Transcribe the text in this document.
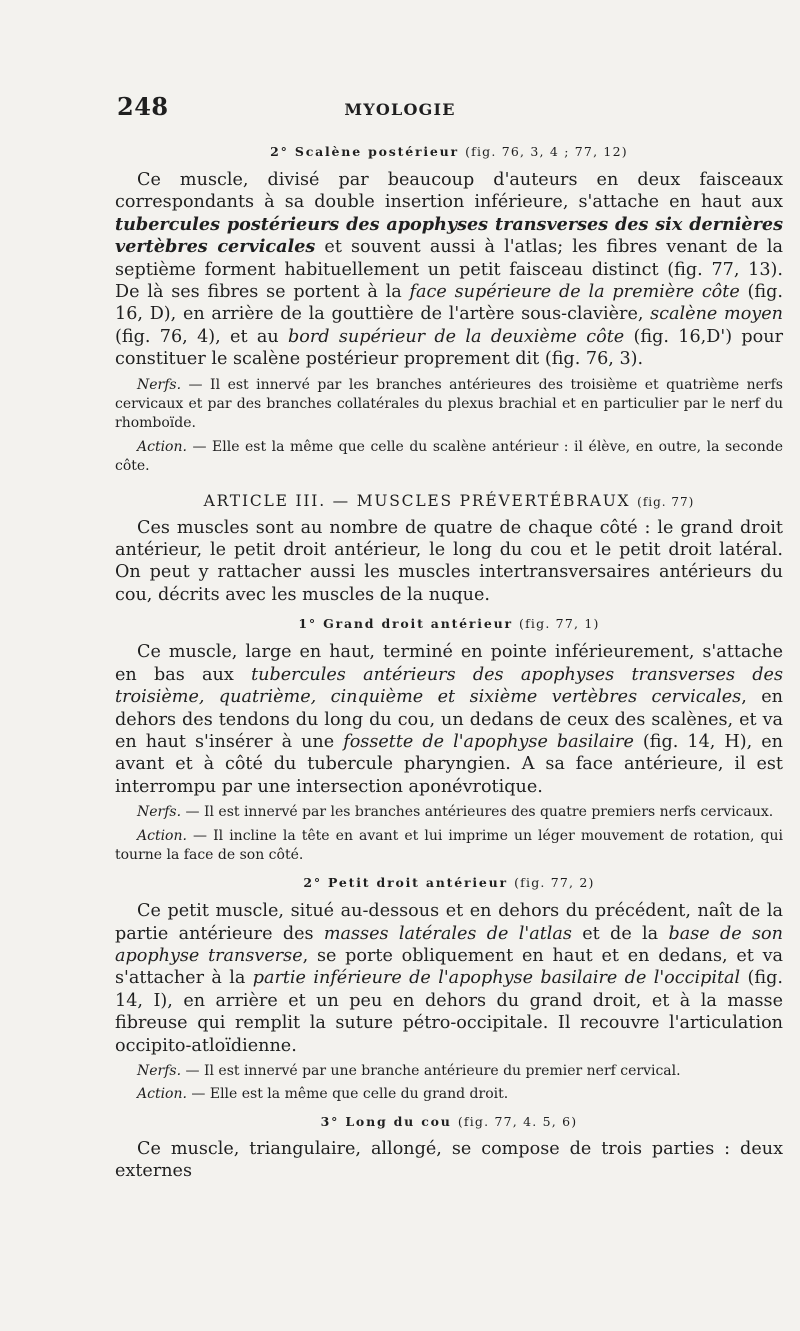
248	MYOLOGIE
2° Scalène postérieur (fig. 76, 3, 4 ; 77, 12)

Ce muscle, divisé par beaucoup d'auteurs en deux faisceaux correspondants à sa double insertion inférieure, s'attache en haut aux tubercules postérieurs des apophyses transverses des six dernières vertèbres cervicales et souvent aussi à l'atlas; les fibres venant de la septième forment habituellement un petit faisceau distinct (fig. 77, 13). De là ses fibres se portent à la face supérieure de la première côte (fig. 16, D), en arrière de la gouttière de l'artère sous-clavière, scalène moyen (fig. 76, 4), et au bord supérieur de la deuxième côte (fig. 16,D') pour constituer le scalène postérieur proprement dit (fig. 76, 3).

Nerfs. — Il est innervé par les branches antérieures des troisième et quatrième nerfs cervicaux et par des branches collatérales du plexus brachial et en particulier par le nerf du rhomboïde.

Action. — Elle est la même que celle du scalène antérieur : il élève, en outre, la seconde côte.

ARTICLE III. — MUSCLES PRÉVERTÉBRAUX (fig. 77)

Ces muscles sont au nombre de quatre de chaque côté : le grand droit antérieur, le petit droit antérieur, le long du cou et le petit droit latéral. On peut y rattacher aussi les muscles intertransversaires antérieurs du cou, décrits avec les muscles de la nuque.

1° Grand droit antérieur (fig. 77, 1)

Ce muscle, large en haut, terminé en pointe inférieurement, s'attache en bas aux tubercules antérieurs des apophyses transverses des troisième, quatrième, cinquième et sixième vertèbres cervicales, en dehors des tendons du long du cou, un dedans de ceux des scalènes, et va en haut s'insérer à une fossette de l'apophyse basilaire (fig. 14, H), en avant et à côté du tubercule pharyngien. A sa face antérieure, il est interrompu par une intersection aponévrotique.

Nerfs. — Il est innervé par les branches antérieures des quatre premiers nerfs cervicaux.

Action. — Il incline la tête en avant et lui imprime un léger mouvement de rotation, qui tourne la face de son côté.

2° Petit droit antérieur (fig. 77, 2)

Ce petit muscle, situé au-dessous et en dehors du précédent, naît de la partie antérieure des masses latérales de l'atlas et de la base de son apophyse transverse, se porte obliquement en haut et en dedans, et va s'attacher à la partie inférieure de l'apophyse basilaire de l'occipital (fig. 14, I), en arrière et un peu en dehors du grand droit, et à la masse fibreuse qui remplit la suture pétro-occipitale. Il recouvre l'articulation occipito-atloïdienne.

Nerfs. — Il est innervé par une branche antérieure du premier nerf cervical.

Action. — Elle est la même que celle du grand droit.

3° Long du cou (fig. 77, 4. 5, 6)

Ce muscle, triangulaire, allongé, se compose de trois parties : deux externes
